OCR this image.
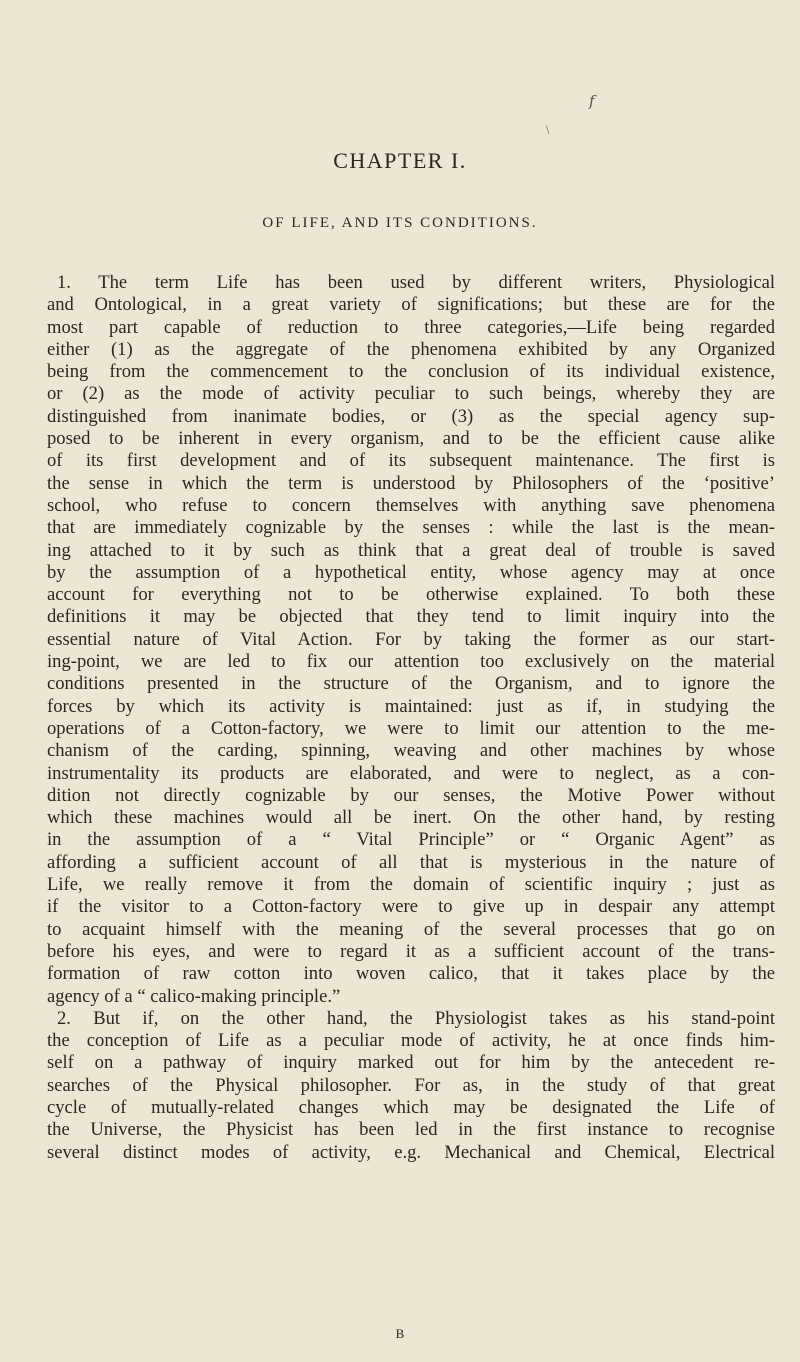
f
\
CHAPTER I.
OF LIFE, AND ITS CONDITIONS.
1. The term Life has been used by different writers, Physiological
and Ontological, in a great variety of significations; but these are for the
most part capable of reduction to three categories,—Life being regarded
either (1) as the aggregate of the phenomena exhibited by any Organized
being from the commencement to the conclusion of its individual existence,
or (2) as the mode of activity peculiar to such beings, whereby they are
distinguished from inanimate bodies, or (3) as the special agency sup-
posed to be inherent in every organism, and to be the efficient cause alike
of its first development and of its subsequent maintenance. The first is
the sense in which the term is understood by Philosophers of the ‘positive’
school, who refuse to concern themselves with anything save phenomena
that are immediately cognizable by the senses : while the last is the mean-
ing attached to it by such as think that a great deal of trouble is saved
by the assumption of a hypothetical entity, whose agency may at once
account for everything not to be otherwise explained. To both these
definitions it may be objected that they tend to limit inquiry into the
essential nature of Vital Action. For by taking the former as our start-
ing-point, we are led to fix our attention too exclusively on the material
conditions presented in the structure of the Organism, and to ignore the
forces by which its activity is maintained: just as if, in studying the
operations of a Cotton-factory, we were to limit our attention to the me-
chanism of the carding, spinning, weaving and other machines by whose
instrumentality its products are elaborated, and were to neglect, as a con-
dition not directly cognizable by our senses, the Motive Power without
which these machines would all be inert. On the other hand, by resting
in the assumption of a “ Vital Principle” or “ Organic Agent” as
affording a sufficient account of all that is mysterious in the nature of
Life, we really remove it from the domain of scientific inquiry ; just as
if the visitor to a Cotton-factory were to give up in despair any attempt
to acquaint himself with the meaning of the several processes that go on
before his eyes, and were to regard it as a sufficient account of the trans-
formation of raw cotton into woven calico, that it takes place by the
agency of a “ calico-making principle.”
2. But if, on the other hand, the Physiologist takes as his stand-point
the conception of Life as a peculiar mode of activity, he at once finds him-
self on a pathway of inquiry marked out for him by the antecedent re-
searches of the Physical philosopher. For as, in the study of that great
cycle of mutually-related changes which may be designated the Life of
the Universe, the Physicist has been led in the first instance to recognise
several distinct modes of activity, e.g. Mechanical and Chemical, Electrical
B
